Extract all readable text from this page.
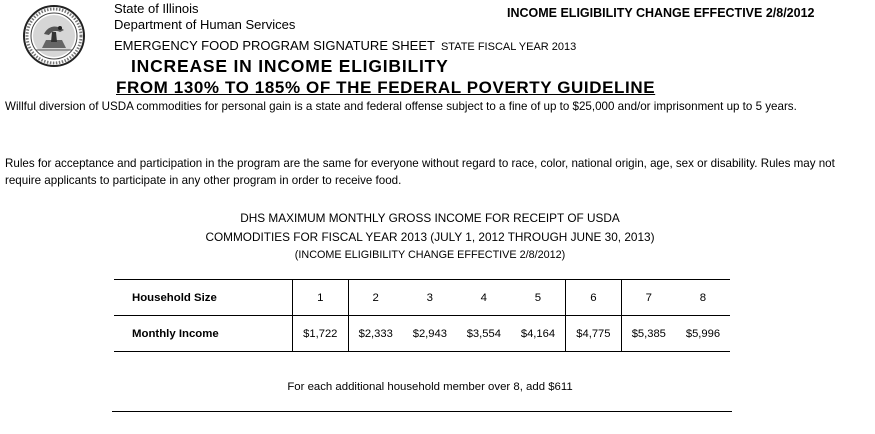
State of Illinois
Department of Human Services
INCOME ELIGIBILITY CHANGE EFFECTIVE 2/8/2012
EMERGENCY FOOD PROGRAM SIGNATURE SHEET STATE FISCAL YEAR 2013
INCREASE IN INCOME ELIGIBILITY
FROM 130% TO 185% OF THE FEDERAL POVERTY GUIDELINE
Willful diversion of USDA commodities for personal gain is a state and federal offense subject to a fine of up to $25,000 and/or imprisonment up to 5 years.
Rules for acceptance and participation in the program are the same for everyone without regard to race, color, national origin, age, sex or disability. Rules may not require applicants to participate in any other program in order to receive food.
DHS MAXIMUM MONTHLY GROSS INCOME FOR RECEIPT OF USDA
COMMODITIES FOR FISCAL YEAR 2013 (JULY 1, 2012 THROUGH JUNE 30, 2013)
(INCOME ELIGIBILITY CHANGE EFFECTIVE 2/8/2012)
Household Size	1	2	3	4	5	6	7	8
Monthly Income	$1,722	$2,333	$2,943	$3,554	$4,164	$4,775	$5,385	$5,996
For each additional household member over 8, add $611
